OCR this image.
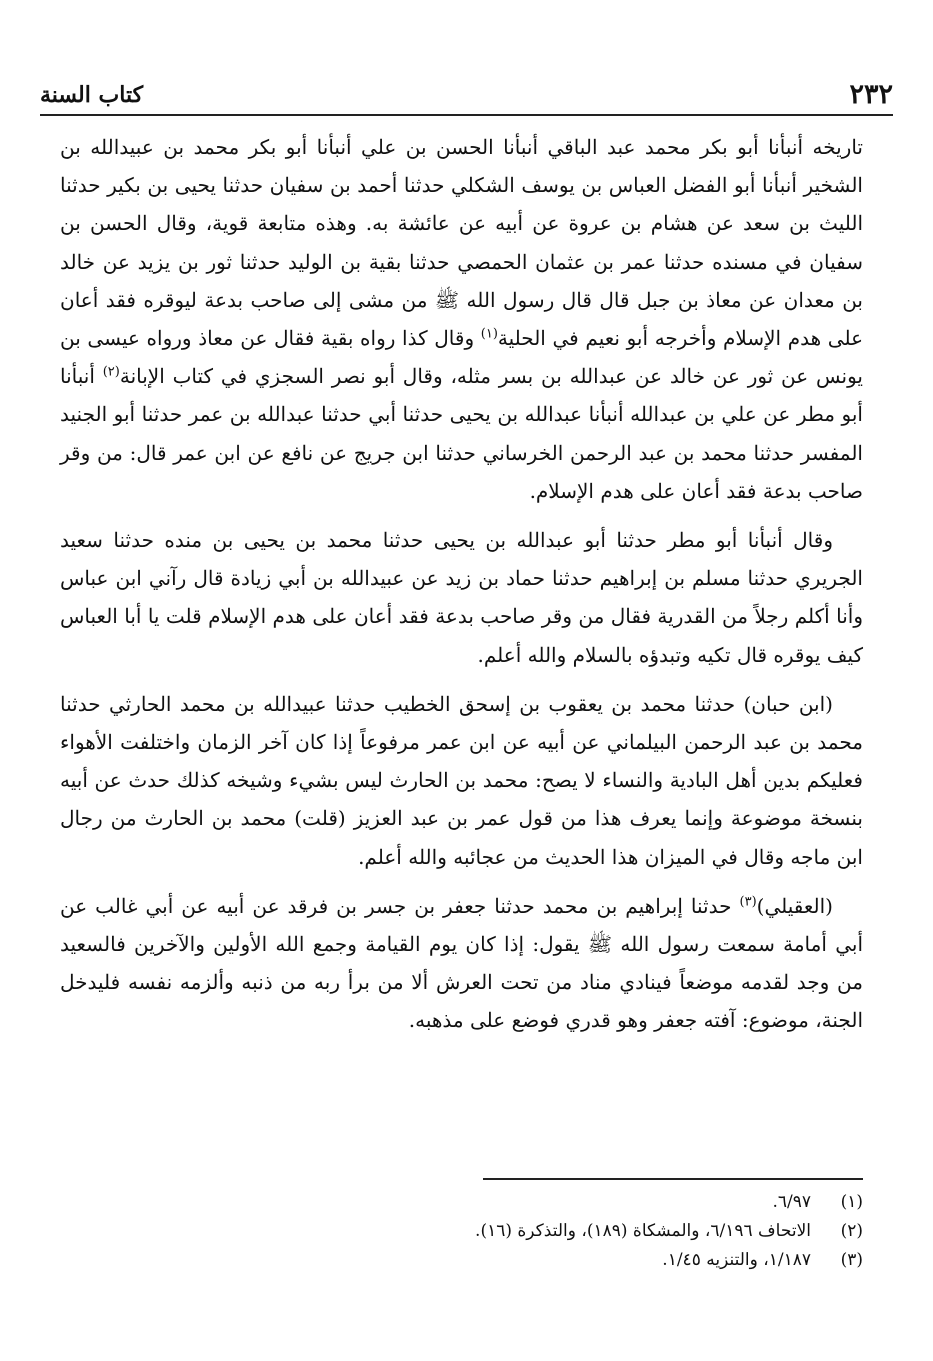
٢٣٢
كتاب السنة

تاريخه أنبأنا أبو بكر محمد عبد الباقي أنبأنا الحسن بن علي أنبأنا أبو بكر محمد بن عبيدالله بن الشخير أنبأنا أبو الفضل العباس بن يوسف الشكلي حدثنا أحمد بن سفيان حدثنا يحيى بن بكير حدثنا الليث بن سعد عن هشام بن عروة عن أبيه عن عائشة به. وهذه متابعة قوية، وقال الحسن بن سفيان في مسنده حدثنا عمر بن عثمان الحمصي حدثنا بقية بن الوليد حدثنا ثور بن يزيد عن خالد بن معدان عن معاذ بن جبل قال قال رسول الله ﷺ من مشى إلى صاحب بدعة ليوقره فقد أعان على هدم الإسلام وأخرجه أبو نعيم في الحلية$^{(١)}$ وقال كذا رواه بقية فقال عن معاذ ورواه عيسى بن يونس عن ثور عن خالد عن عبدالله بن بسر مثله، وقال أبو نصر السجزي في كتاب الإبانة$^{(٢)}$ أنبأنا أبو مطر عن علي بن عبدالله أنبأنا عبدالله بن يحيى حدثنا أبي حدثنا عبدالله بن عمر حدثنا أبو الجنيد المفسر حدثنا محمد بن عبد الرحمن الخرساني حدثنا ابن جريج عن نافع عن ابن عمر قال: من وقر صاحب بدعة فقد أعان على هدم الإسلام.

وقال أنبأنا أبو مطر حدثنا أبو عبدالله بن يحيى حدثنا محمد بن يحيى بن منده حدثنا سعيد الجريري حدثنا مسلم بن إبراهيم حدثنا حماد بن زيد عن عبيدالله بن أبي زيادة قال رآني ابن عباس وأنا أكلم رجلاً من القدرية فقال من وقر صاحب بدعة فقد أعان على هدم الإسلام قلت يا أبا العباس كيف يوقره قال تكيه وتبدؤه بالسلام والله أعلم.

(ابن حبان) حدثنا محمد بن يعقوب بن إسحق الخطيب حدثنا عبيدالله بن محمد الحارثي حدثنا محمد بن عبد الرحمن البيلماني عن أبيه عن ابن عمر مرفوعاً إذا كان آخر الزمان واختلفت الأهواء فعليكم بدين أهل البادية والنساء لا يصح: محمد بن الحارث ليس بشيء وشيخه كذلك حدث عن أبيه بنسخة موضوعة وإنما يعرف هذا من قول عمر بن عبد العزيز (قلت) محمد بن الحارث من رجال ابن ماجه وقال في الميزان هذا الحديث من عجائبه والله أعلم.

(العقيلي)$^{(٣)}$ حدثنا إبراهيم بن محمد حدثنا جعفر بن جسر بن فرقد عن أبيه عن أبي غالب عن أبي أمامة سمعت رسول الله ﷺ يقول: إذا كان يوم القيامة وجمع الله الأولين والآخرين فالسعيد من وجد لقدمه موضعاً فينادي مناد من تحت العرش ألا من برأ ربه من ذنبه وألزمه نفسه فليدخل الجنة، موضوع: آفته جعفر وهو قدري فوضع على مذهبه.

(١)
٦/٩٧.
(٢)
الاتحاف ٦/١٩٦، والمشكاة (١٨٩)، والتذكرة (١٦).
(٣)
١/١٨٧، والتنزيه ١/٤٥.
